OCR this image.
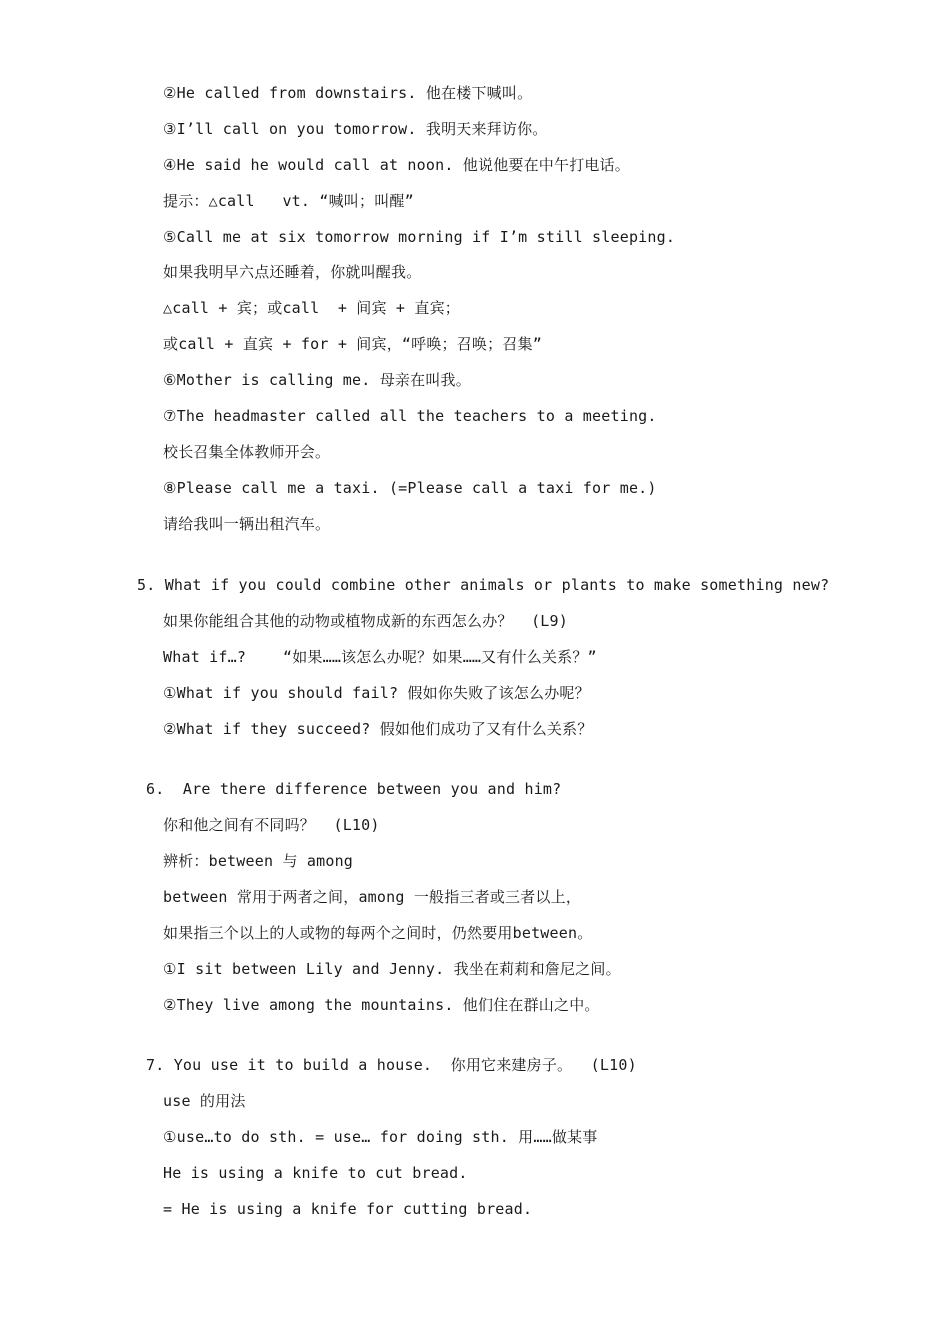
②He called from downstairs. 他在楼下喊叫。
③I’ll call on you tomorrow. 我明天来拜访你。
④He said he would call at noon. 他说他要在中午打电话。
提示：△call   vt. “喊叫；叫醒”
⑤Call me at six tomorrow morning if I’m still sleeping.
如果我明早六点还睡着，你就叫醒我。
△call + 宾；或call  + 间宾 + 直宾；
或call + 直宾 + for + 间宾，“呼唤；召唤；召集”
⑥Mother is calling me. 母亲在叫我。
⑦The headmaster called all the teachers to a meeting.
校长召集全体教师开会。
⑧Please call me a taxi. (=Please call a taxi for me.)
请给我叫一辆出租汽车。
5. What if you could combine other animals or plants to make something new?
如果你能组合其他的动物或植物成新的东西怎么办？  (L9)
What if…?    “如果……该怎么办呢？如果……又有什么关系？”
①What if you should fail? 假如你失败了该怎么办呢？
②What if they succeed? 假如他们成功了又有什么关系？
6.  Are there difference between you and him?
你和他之间有不同吗？  (L10)
辨析：between 与 among
between 常用于两者之间，among 一般指三者或三者以上，
如果指三个以上的人或物的每两个之间时，仍然要用between。
①I sit between Lily and Jenny. 我坐在莉莉和詹尼之间。
②They live among the mountains. 他们住在群山之中。
7. You use it to build a house.  你用它来建房子。  (L10)
use 的用法
①use…to do sth. = use… for doing sth. 用……做某事
He is using a knife to cut bread.
= He is using a knife for cutting bread.
